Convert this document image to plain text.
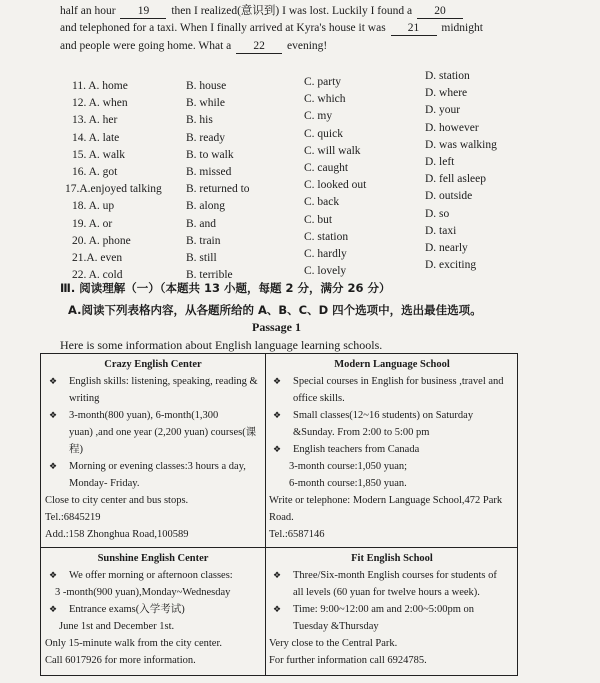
half an hour 19 then I realized(意识到) I was lost. Luckily I found a 20
and telephoned for a taxi. When I finally arrived at Kyra's house it was 21 midnight
and people were going home. What a 22 evening!
11. A. home	B. house	C. party	D. station
12. A. when	B. while	C. which	D. where
13. A. her	B. his	C. my	D. your
14. A. late	B. ready	C. quick	D. however
15. A. walk	B. to walk	C. will walk	D. was walking
16. A. got	B. missed	C. caught	D. left
17.A.enjoyed talking B. returned to	C. looked out	D. fell asleep
18. A. up	B. along	C. back	D. outside
19. A. or	B. and	C. but	D. so
20. A. phone	B. train	C. station	D. taxi
21.A. even	B. still	C. hardly	D. nearly
22. A. cold	B. terrible	C. lovely	D. exciting
Ⅲ. 阅读理解（一）（本题共 13 小题，每题 2 分，满分 26 分）
A.阅读下列表格内容，从各题所给的 A、B、C、D 四个选项中，选出最佳选项。
Passage 1
Here is some information about English language learning schools.
Crazy English Center
❖ English skills: listening, speaking, reading &
writing
❖ 3-month(800 yuan), 6-month(1,300
yuan) ,and one year (2,200 yuan) courses(课
程)
❖ Morning or evening classes:3 hours a day,
Monday- Friday.
Close to city center and bus stops.
Tel.:6845219
Add.:158 Zhonghua Road,100589
Modern Language School
❖ Special courses in English for business ,travel and
office skills.
❖ Small classes(12~16 students) on Saturday
&Sunday. From 2:00 to 5:00 pm
❖ English teachers from Canada
3-month course:1,050 yuan;
6-month course:1,850 yuan.
Write or telephone: Modern Language School,472 Park
Road.
Tel.:6587146
Sunshine English Center
❖ We offer morning or afternoon classes:
3 -month(900 yuan),Monday~Wednesday
❖ Entrance exams(入学考试)
June 1st and December 1st.
Only 15-minute walk from the city center.
Call 6017926 for more information.
Fit English School
❖ Three/Six-month English courses for students of
all levels (60 yuan for twelve hours a week).
❖ Time: 9:00~12:00 am and 2:00~5:00pm on
Tuesday &Thursday
Very close to the Central Park.
For further information call 6924785.
